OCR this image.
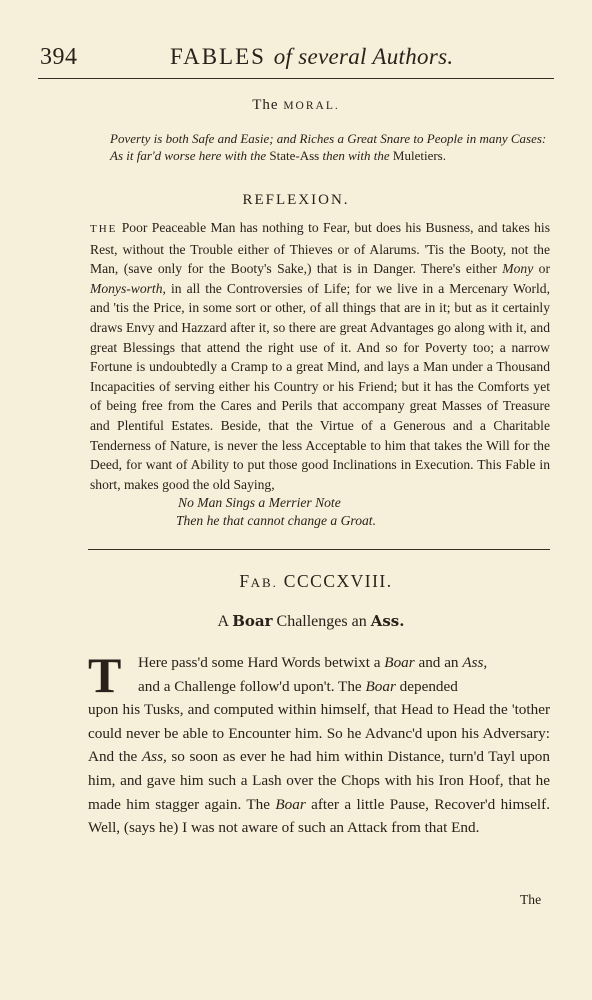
394	FABLES of several Authors.
The MORAL.
Poverty is both Safe and Easie; and Riches a Great Snare to People in many Cases: As it far'd worse here with the State-Ass then with the Muletiers.
REFLEXION.
THE Poor Peaceable Man has nothing to Fear, but does his Busness, and takes his Rest, without the Trouble either of Thieves or of Alarums. 'Tis the Booty, not the Man, (save only for the Booty's Sake,) that is in Danger. There's either Mony or Monys-worth, in all the Controversies of Life; for we live in a Mercenary World, and 'tis the Price, in some sort or other, of all things that are in it; but as it certainly draws Envy and Hazzard after it, so there are great Advantages go along with it, and great Blessings that attend the right use of it. And so for Poverty too; a narrow Fortune is undoubtedly a Cramp to a great Mind, and lays a Man under a Thousand Incapacities of serving either his Country or his Friend; but it has the Comforts yet of being free from the Cares and Perils that accompany great Masses of Treasure and Plentiful Estates. Beside, that the Virtue of a Generous and a Charitable Tenderness of Nature, is never the less Acceptable to him that takes the Will for the Deed, for want of Ability to put those good Inclinations in Execution. This Fable in short, makes good the old Saying,
No Man Sings a Merrier Note
Then he that cannot change a Groat.
FAB. CCCCXVIII.
A Boar Challenges an Ass.
T Here pass'd some Hard Words betwixt a Boar and an Ass,
and a Challenge follow'd upon't. The Boar depended
upon his Tusks, and computed within himself, that Head to Head the 'tother could never be able to Encounter him. So he Advanc'd upon his Adversary: And the Ass, so soon as ever he had him within Distance, turn'd Tayl upon him, and gave him such a Lash over the Chops with his Iron Hoof, that he made him stagger again. The Boar after a little Pause, Recover'd himself. Well, (says he) I was not aware of such an Attack from that End.
The
